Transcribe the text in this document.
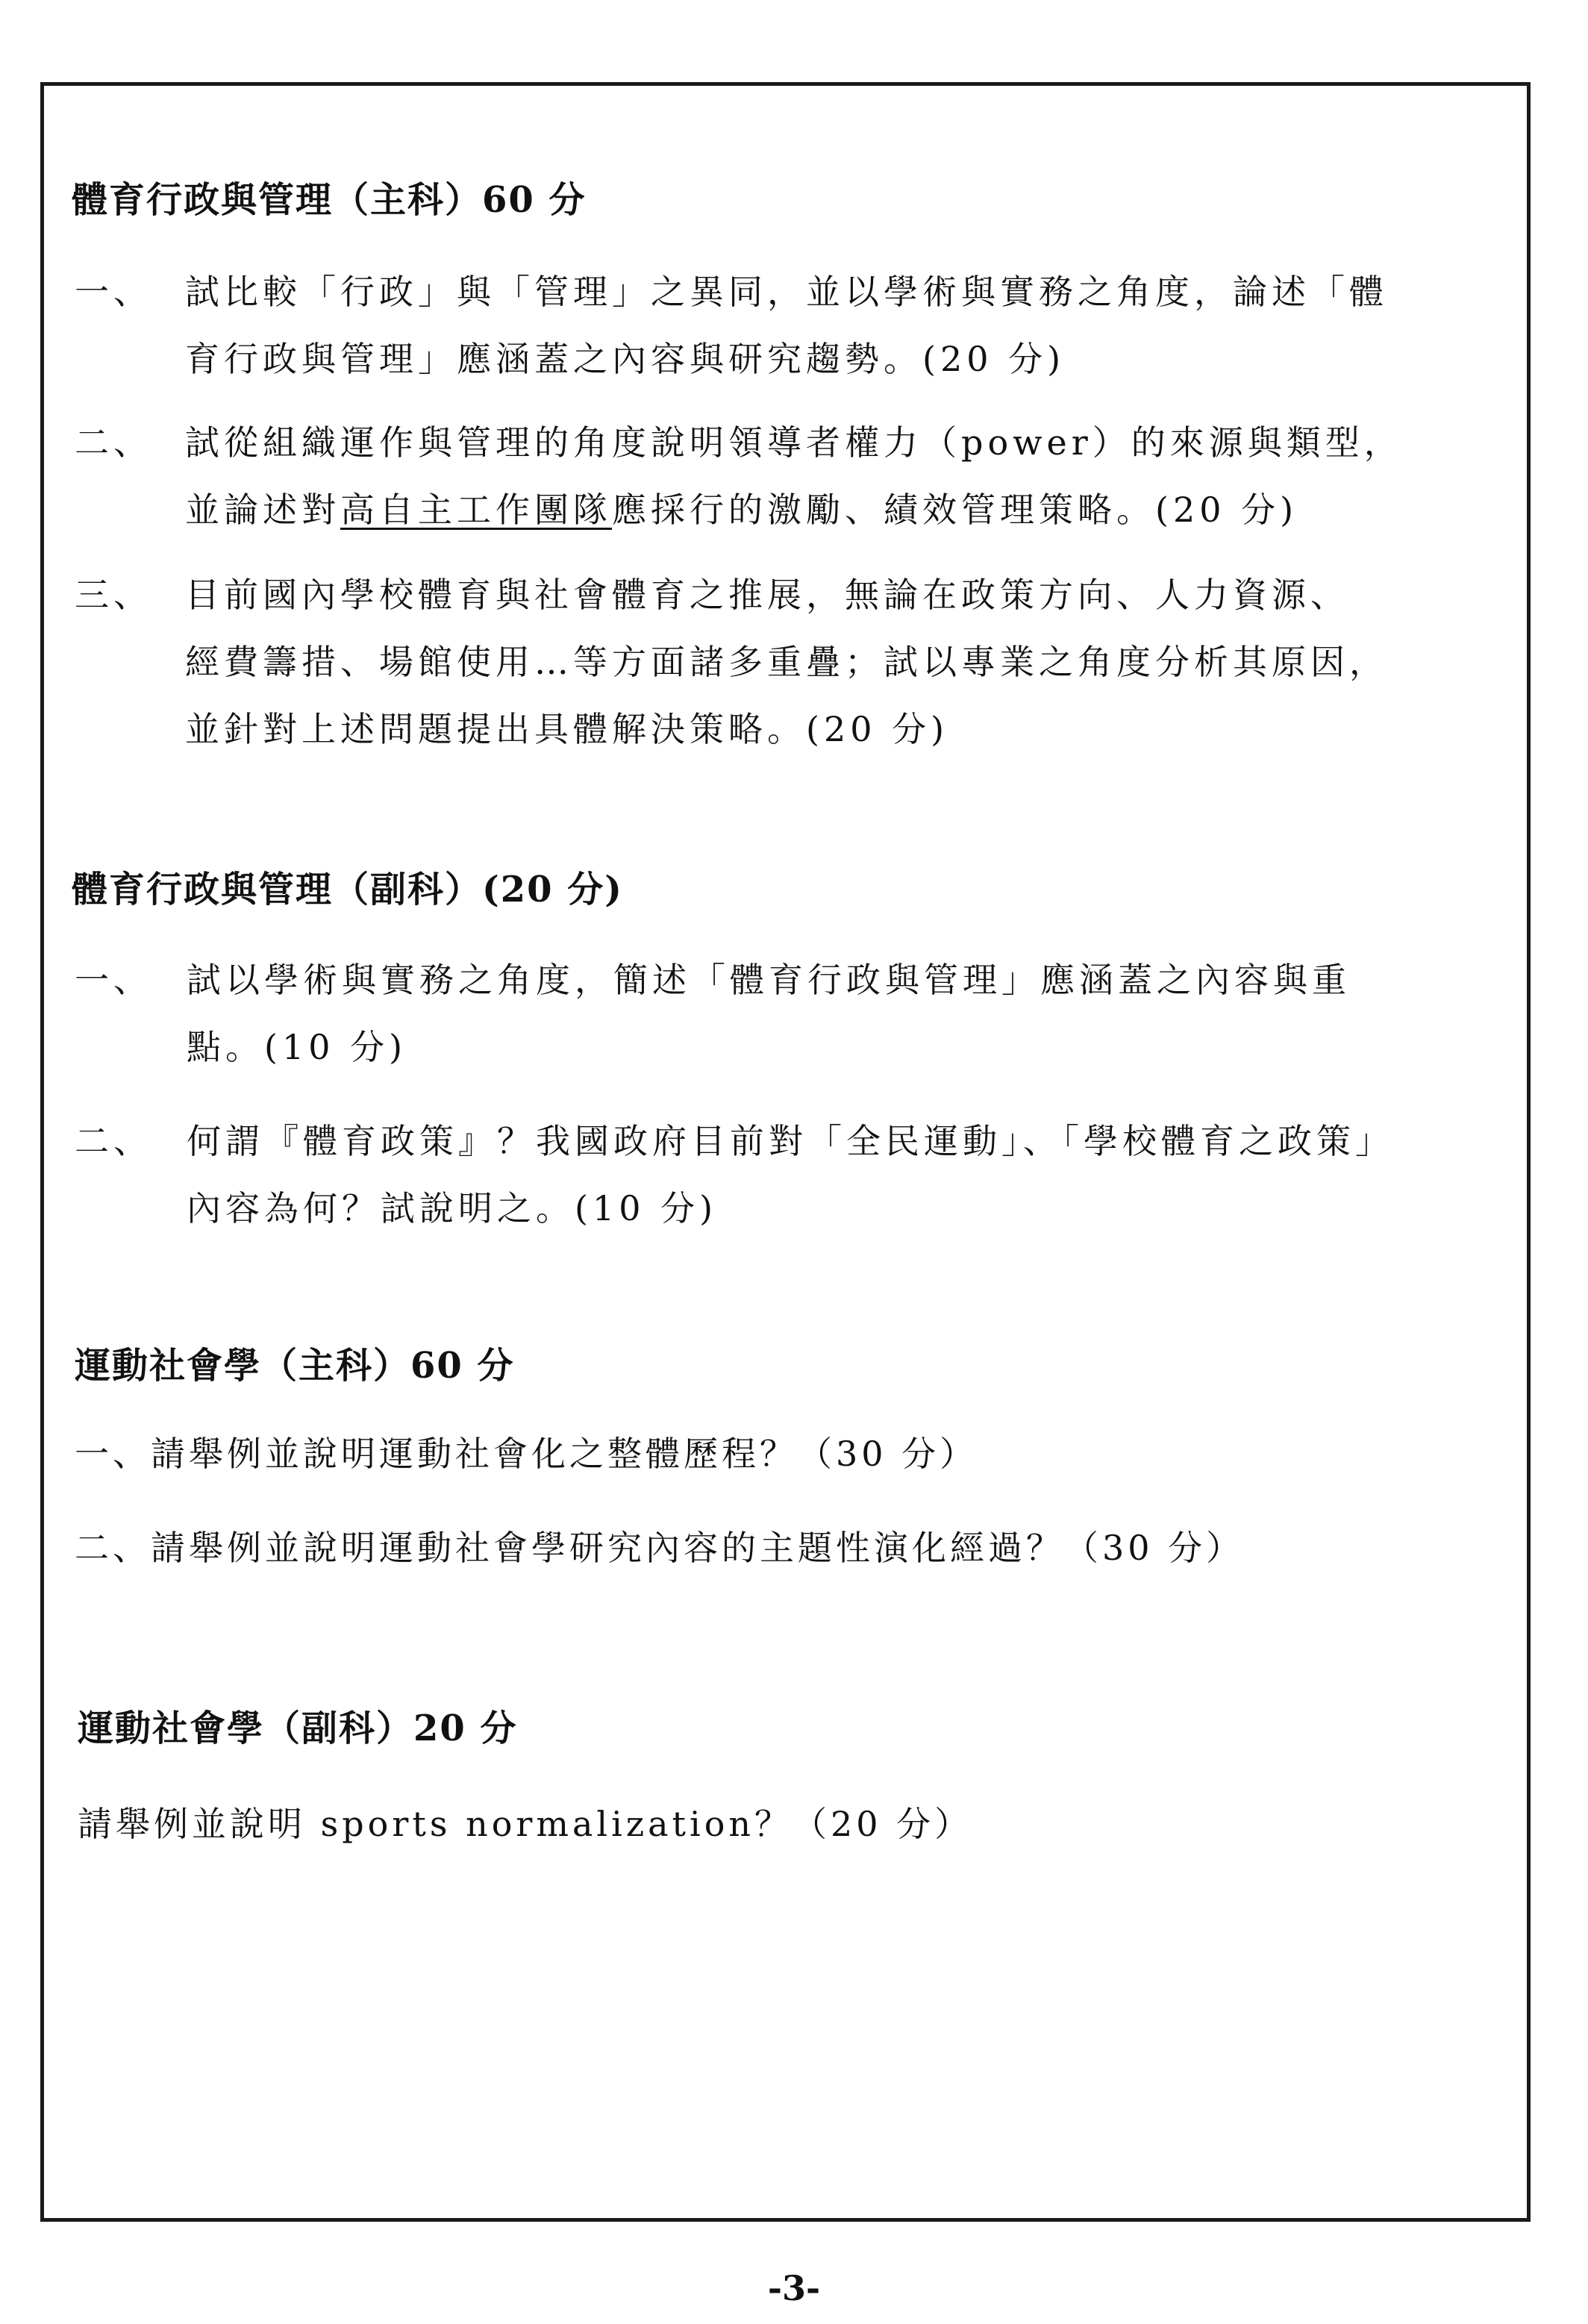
體育行政與管理（主科）60 分
一、 試比較「行政」與「管理」之異同，並以學術與實務之角度，論述「體
育行政與管理」應涵蓋之內容與研究趨勢。(20 分)
二、 試從組織運作與管理的角度說明領導者權力（power）的來源與類型，
並論述對高自主工作團隊應採行的激勵、績效管理策略。(20 分)
三、 目前國內學校體育與社會體育之推展，無論在政策方向、人力資源、
經費籌措、場館使用…等方面諸多重疊；試以專業之角度分析其原因，
並針對上述問題提出具體解決策略。(20 分)
體育行政與管理（副科）(20 分)
一、 試以學術與實務之角度，簡述「體育行政與管理」應涵蓋之內容與重
點。(10 分)
二、 何謂『體育政策』？我國政府目前對「全民運動」、「學校體育之政策」
內容為何？試說明之。(10 分)
運動社會學（主科）60 分
一、請舉例並說明運動社會化之整體歷程？（30 分）
二、請舉例並說明運動社會學研究內容的主題性演化經過？（30 分）
運動社會學（副科）20 分
請舉例並說明 sports normalization？（20 分）
-3-
